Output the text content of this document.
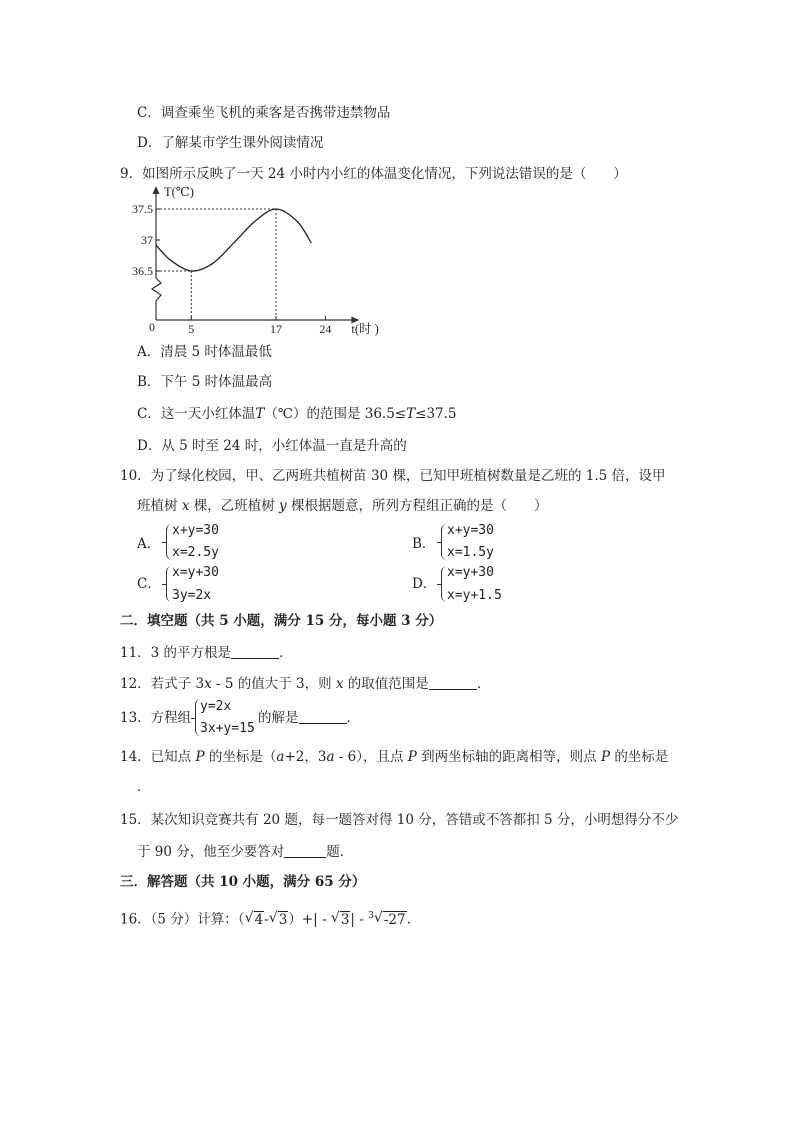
C．调查乘坐飞机的乘客是否携带违禁物品
D．了解某市学生课外阅读情况
9．如图所示反映了一天 24 小时内小红的体温变化情况，下列说法错误的是（　　）
T(℃)
t(时 )
0	5	17	24
36.5
37
37.5
A．清晨 5 时体温最低
B．下午 5 时体温最高
C．这一天小红体温T（℃）的范围是 36.5≤T≤37.5
D．从 5 时至 24 时，小红体温一直是升高的
10．为了绿化校园，甲、乙两班共植树苗 30 棵，已知甲班植树数量是乙班的 1.5 倍，设甲
班植树 x 棵，乙班植树 y 棵根据题意，所列方程组正确的是（　　）
A．
x+y=30
x=2.5y
B．
x+y=30
x=1.5y
C．
x=y+30
3y=2x
D．
x=y+30
x=y+1.5
二．填空题（共 5 小题，满分 15 分，每小题 3 分）
11．3 的平方根是	．
12．若式子 3x - 5 的值大于 3，则 x 的取值范围是	．
13．方程组
y=2x
3x+y=15
的解是	．
14．已知点 P 的坐标是（a+2，3a - 6），且点 P 到两坐标轴的距离相等，则点 P 的坐标是
．
15．某次知识竞赛共有 20 题，每一题答对得 10 分，答错或不答都扣 5 分，小明想得分不少
于 90 分，他至少要答对	题．
三．解答题（共 10 小题，满分 65 分）
16．（5 分）计算：（ √ 4- √ 3）+| - √ 3| - $^3$ √ -27.
